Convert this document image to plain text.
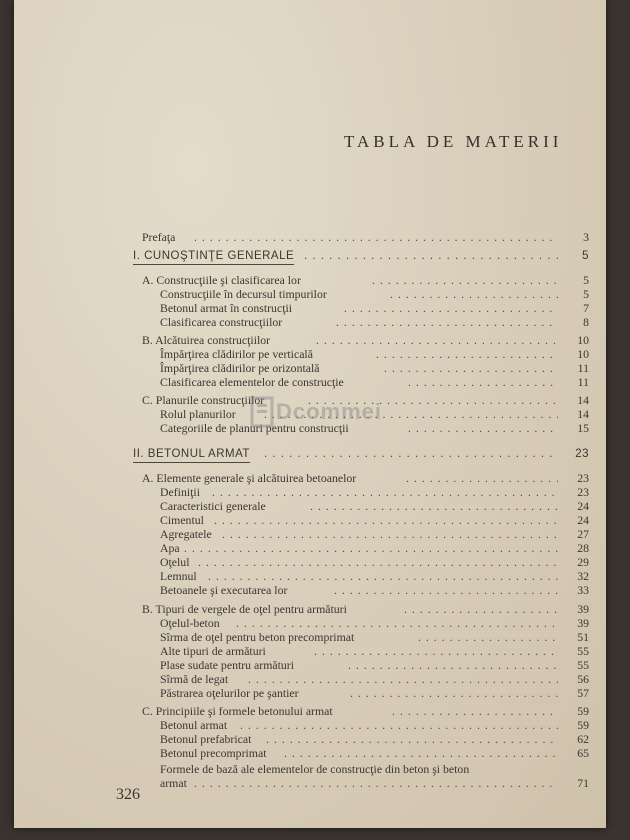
TABLA DE MATERII
Prefaţa . . .	3
I. CUNOŞTINŢE GENERALE . . .	5
A. Construcţiile şi clasificarea lor . . .	5
Construcţiile în decursul timpurilor . . .	5
Betonul armat în construcţii . . .	7
Clasificarea construcţiilor . . .	8
B. Alcătuirea construcţiilor . . .	10
Împărţirea clădirilor pe verticală . . .	10
Împărţirea clădirilor pe orizontală . . .	11
Clasificarea elementelor de construcţie . . .	11
C. Planurile construcţiilor . . .	14
Rolul planurilor . . .	14
Categoriile de planuri pentru construcţii . . .	15
II. BETONUL ARMAT . . .	23
A. Elemente generale şi alcătuirea betoanelor . . .	23
Definiţii . . .	23
Caracteristici generale . . .	24
Cimentul . . .	24
Agregatele . . .	27
Apa . . .	28
Oţelul . . .	29
Lemnul . . .	32
Betoanele şi executarea lor . . .	33
B. Tipuri de vergele de oţel pentru armături . . .	39
Oţelul-beton . . .	39
Sîrma de oţel pentru beton precomprimat . . .	51
Alte tipuri de armături . . .	55
Plase sudate pentru armături . . .	55
Sîrmă de legat . . .	56
Păstrarea oţelurilor pe şantier . . .	57
C. Principiile şi formele betonului armat . . .	59
Betonul armat . . .	59
Betonul prefabricat . . .	62
Betonul precomprimat . . .	65
Formele de bază ale elementelor de construcţie din beton şi beton
armat . . .	71
326
Dcommei
